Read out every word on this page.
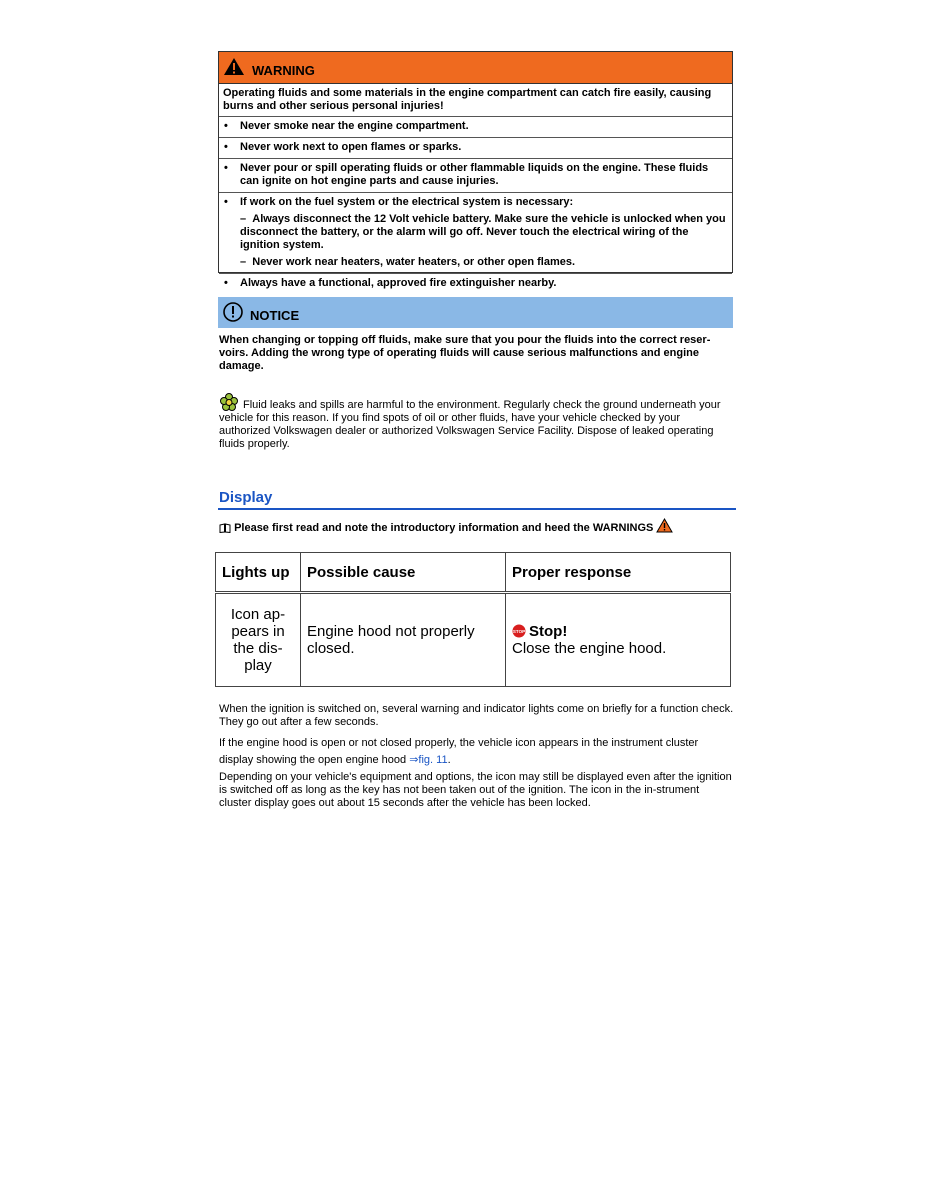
WARNING

Operating fluids and some materials in the engine compartment can catch fire easily, causing burns and other serious personal injuries!

• Never smoke near the engine compartment.
• Never work next to open flames or sparks.
• Never pour or spill operating fluids or other flammable liquids on the engine. These fluids can ignite on hot engine parts and cause injuries.
• If work on the fuel system or the electrical system is necessary:
– Always disconnect the 12 Volt vehicle battery. Make sure the vehicle is unlocked when you disconnect the battery, or the alarm will go off. Never touch the electrical wiring of the ignition system.
– Never work near heaters, water heaters, or other open flames.
• Always have a functional, approved fire extinguisher nearby.
NOTICE
When changing or topping off fluids, make sure that you pour the fluids into the correct reser-voirs. Adding the wrong type of operating fluids will cause serious malfunctions and engine damage.
Fluid leaks and spills are harmful to the environment. Regularly check the ground underneath your vehicle for this reason. If you find spots of oil or other fluids, have your vehicle checked by your authorized Volkswagen dealer or authorized Volkswagen Service Facility. Dispose of leaked operating fluids properly.
Display
Please first read and note the introductory information and heed the WARNINGS
Lights up	Possible cause	Proper response
Icon ap-pears in the dis-play	Engine hood not properly closed.	STOP Stop!
Close the engine hood.
When the ignition is switched on, several warning and indicator lights come on briefly for a function check. They go out after a few seconds.
If the engine hood is open or not closed properly, the vehicle icon appears in the instrument cluster display showing the open engine hood ⇒fig. 11.
Depending on your vehicle's equipment and options, the icon may still be displayed even after the ignition is switched off as long as the key has not been taken out of the ignition. The icon in the in-strument cluster display goes out about 15 seconds after the vehicle has been locked.
